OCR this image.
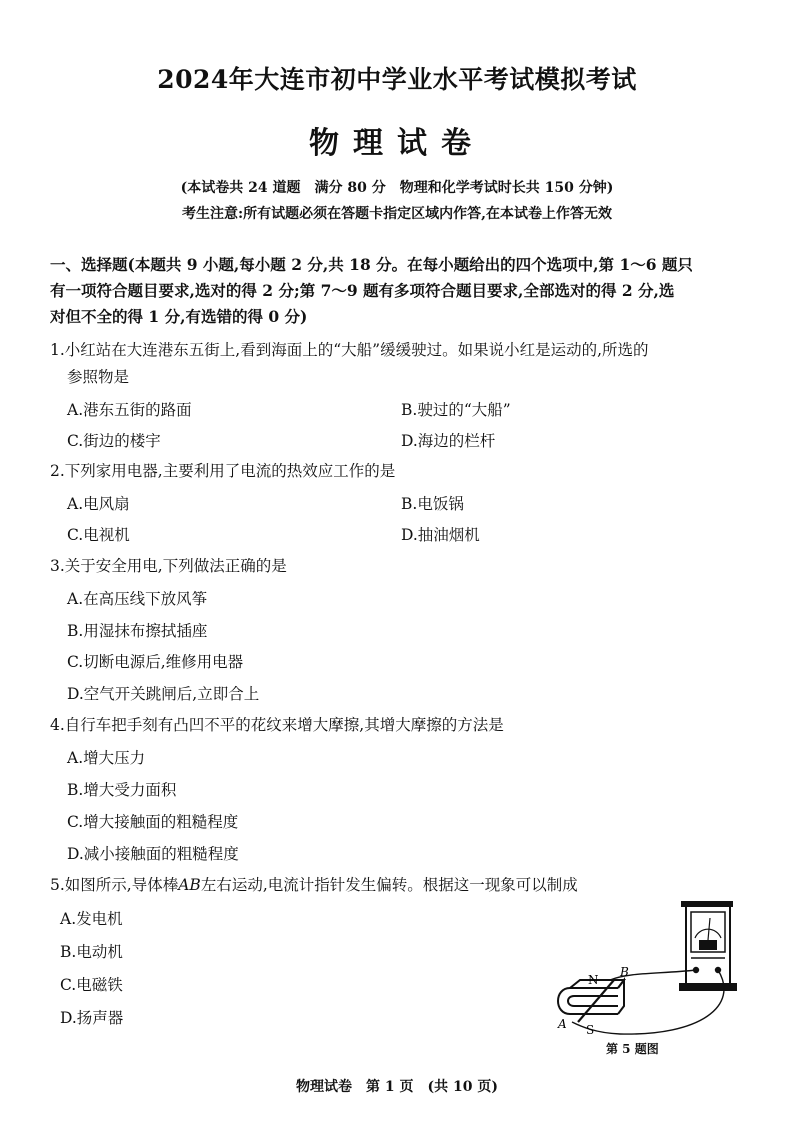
2024年大连市初中学业水平考试模拟考试
物理试卷
(本试卷共 24 道题　满分 80 分　物理和化学考试时长共 150 分钟)
考生注意:所有试题必须在答题卡指定区域内作答,在本试卷上作答无效
一、选择题(本题共 9 小题,每小题 2 分,共 18 分。在每小题给出的四个选项中,第 1～6 题只
有一项符合题目要求,选对的得 2 分;第 7～9 题有多项符合题目要求,全部选对的得 2 分,选
对但不全的得 1 分,有选错的得 0 分)
1.小红站在大连港东五街上,看到海面上的“大船”缓缓驶过。如果说小红是运动的,所选的
参照物是
A.港东五街的路面	B.驶过的“大船”
C.街边的楼宇	D.海边的栏杆
2.下列家用电器,主要利用了电流的热效应工作的是
A.电风扇	B.电饭锅
C.电视机	D.抽油烟机
3.关于安全用电,下列做法正确的是
A.在高压线下放风筝
B.用湿抹布擦拭插座
C.切断电源后,维修用电器
D.空气开关跳闸后,立即合上
4.自行车把手刻有凸凹不平的花纹来增大摩擦,其增大摩擦的方法是
A.增大压力
B.增大受力面积
C.增大接触面的粗糙程度
D.减小接触面的粗糙程度
5.如图所示,导体棒AB左右运动,电流计指针发生偏转。根据这一现象可以制成
A.发电机
B.电动机
C.电磁铁
D.扬声器
N
B
A S
第 5 题图
物理试卷　第 1 页　(共 10 页)
